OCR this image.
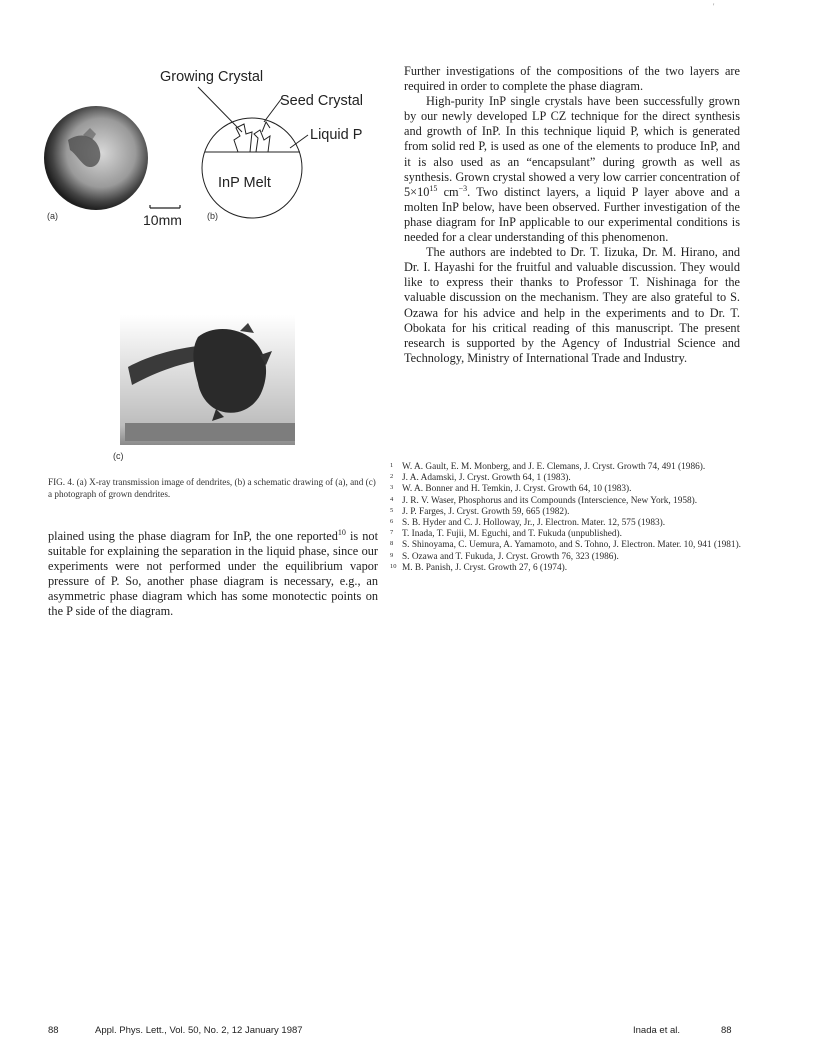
'
Growing Crystal
Seed Crystal
Liquid P
InP Melt
10mm
(a)	(b)
(c)
FIG. 4. (a) X-ray transmission image of dendrites, (b) a schematic drawing of (a), and (c) a photograph of grown dendrites.

plained using the phase diagram for InP, the one reported$^{10}$ is not suitable for explaining the separation in the liquid phase, since our experiments were not performed under the equilibrium vapor pressure of P. So, another phase diagram is necessary, e.g., an asymmetric phase diagram which has some monotectic points on the P side of the diagram.

Further investigations of the compositions of the two layers are required in order to complete the phase diagram.

High-purity InP single crystals have been successfully grown by our newly developed LP CZ technique for the direct synthesis and growth of InP. In this technique liquid P, which is generated from solid red P, is used as one of the elements to produce InP, and it is also used as an “encapsulant” during growth as well as synthesis. Grown crystal showed a very low carrier concentration of $5\times 10^{15}$ $cm^{-3}$. Two distinct layers, a liquid P layer above and a molten InP below, have been observed. Further investigation of the phase diagram for InP applicable to our experimental conditions is needed for a clear understanding of this phenomenon.

The authors are indebted to Dr. T. Iizuka, Dr. M. Hirano, and Dr. I. Hayashi for the fruitful and valuable discussion. They would like to express their thanks to Professor T. Nishinaga for the valuable discussion on the mechanism. They are also grateful to S. Ozawa for his advice and help in the experiments and to Dr. T. Obokata for his critical reading of this manuscript. The present research is supported by the Agency of Industrial Science and Technology, Ministry of International Trade and Industry.

1 W. A. Gault, E. M. Monberg, and J. E. Clemans, J. Cryst. Growth 74, 491 (1986).
2 J. A. Adamski, J. Cryst. Growth 64, 1 (1983).
3 W. A. Bonner and H. Temkin, J. Cryst. Growth 64, 10 (1983).
4 J. R. V. Waser, Phosphorus and its Compounds (Interscience, New York, 1958).
5 J. P. Farges, J. Cryst. Growth 59, 665 (1982).
6 S. B. Hyder and C. J. Holloway, Jr., J. Electron. Mater. 12, 575 (1983).
7 T. Inada, T. Fujii, M. Eguchi, and T. Fukuda (unpublished).
8 S. Shinoyama, C. Uemura, A. Yamamoto, and S. Tohno, J. Electron. Mater. 10, 941 (1981).
9 S. Ozawa and T. Fukuda, J. Cryst. Growth 76, 323 (1986).
10 M. B. Panish, J. Cryst. Growth 27, 6 (1974).
88	Appl. Phys. Lett., Vol. 50, No. 2, 12 January 1987	Inada et al.	88
